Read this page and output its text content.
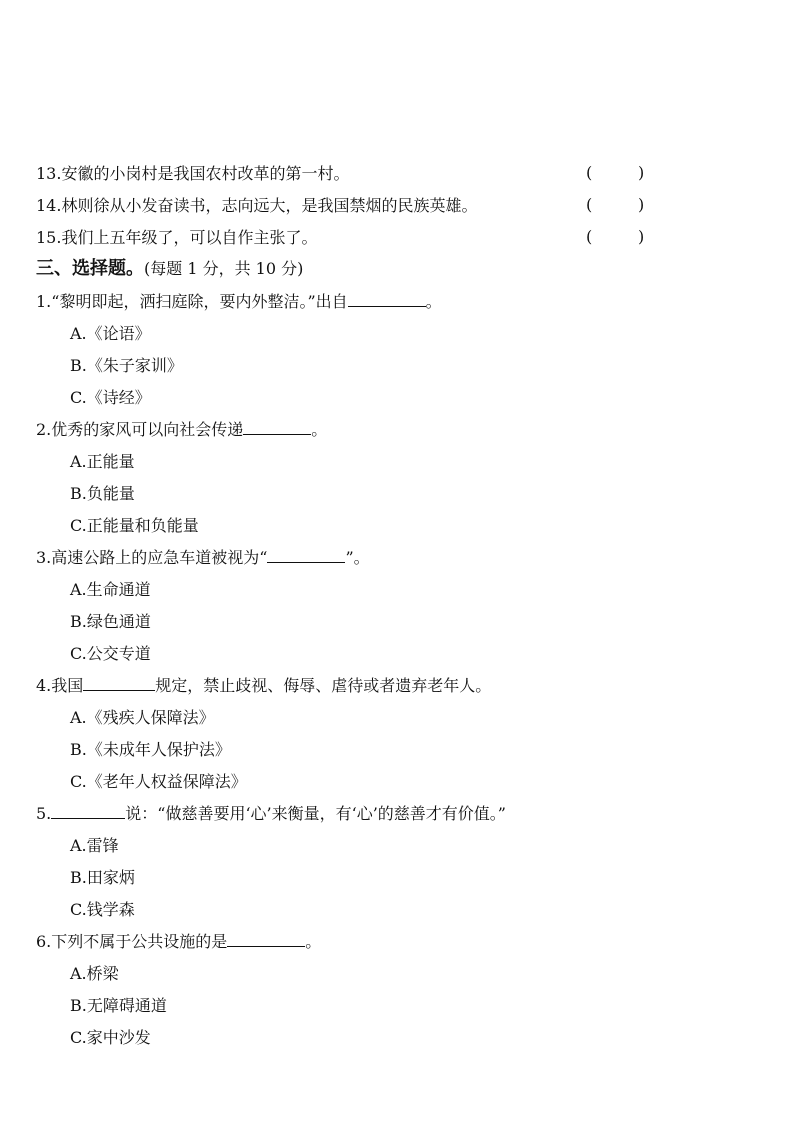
13.安徽的小岗村是我国农村改革的第一村。	(	)
14.林则徐从小发奋读书，志向远大，是我国禁烟的民族英雄。	(	)
15.我们上五年级了，可以自作主张了。	(	)
三、选择题。(每题 1 分，共 10 分)
1.“黎明即起，洒扫庭除，要内外整洁。”出自	。
A.《论语》
B.《朱子家训》
C.《诗经》
2.优秀的家风可以向社会传递	。
A.正能量
B.负能量
C.正能量和负能量
3.高速公路上的应急车道被视为“	”。
A.生命通道
B.绿色通道
C.公交专道
4.我国	规定，禁止歧视、侮辱、虐待或者遗弃老年人。
A.《残疾人保障法》
B.《未成年人保护法》
C.《老年人权益保障法》
5.	说：“做慈善要用‘心’来衡量，有‘心’的慈善才有价值。”
A.雷锋
B.田家炳
C.钱学森
6.下列不属于公共设施的是	。
A.桥梁
B.无障碍通道
C.家中沙发
